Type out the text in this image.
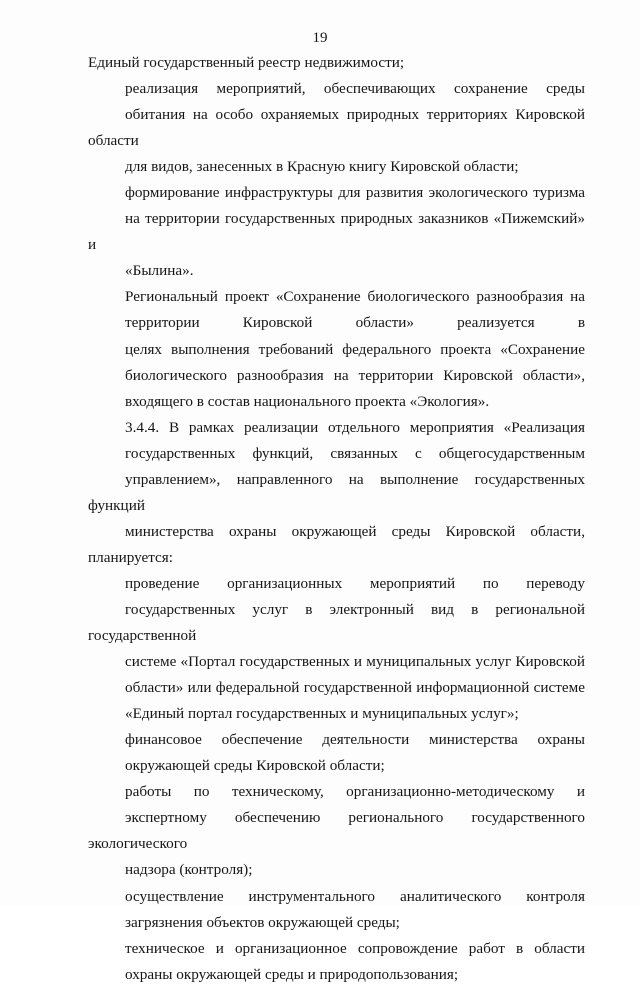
19

Единый государственный реестр недвижимости;

реализация мероприятий, обеспечивающих сохранение среды
обитания на особо охраняемых природных территориях Кировской области
для видов, занесенных в Красную книгу Кировской области;

формирование инфраструктуры для развития экологического туризма
на территории государственных природных заказников «Пижемский» и
«Былина».

Региональный проект «Сохранение биологического разнообразия на
территории Кировской области» реализуется в
целях выполнения требований федерального проекта «Сохранение
биологического разнообразия на территории Кировской области»,
входящего в состав национального проекта «Экология».

3.4.4. В рамках реализации отдельного мероприятия «Реализация
государственных функций, связанных с общегосударственным
управлением», направленного на выполнение государственных функций
министерства охраны окружающей среды Кировской области, планируется:

проведение организационных мероприятий по переводу
государственных услуг в электронный вид в региональной государственной
системе «Портал государственных и муниципальных услуг Кировской
области» или федеральной государственной информационной системе
«Единый портал государственных и муниципальных услуг»;

финансовое обеспечение деятельности министерства охраны
окружающей среды Кировской области;

работы по техническому, организационно-методическому и
экспертному обеспечению регионального государственного экологического
надзора (контроля);

осуществление инструментального аналитического контроля
загрязнения объектов окружающей среды;

техническое и организационное сопровождение работ в области
охраны окружающей среды и природопользования;
